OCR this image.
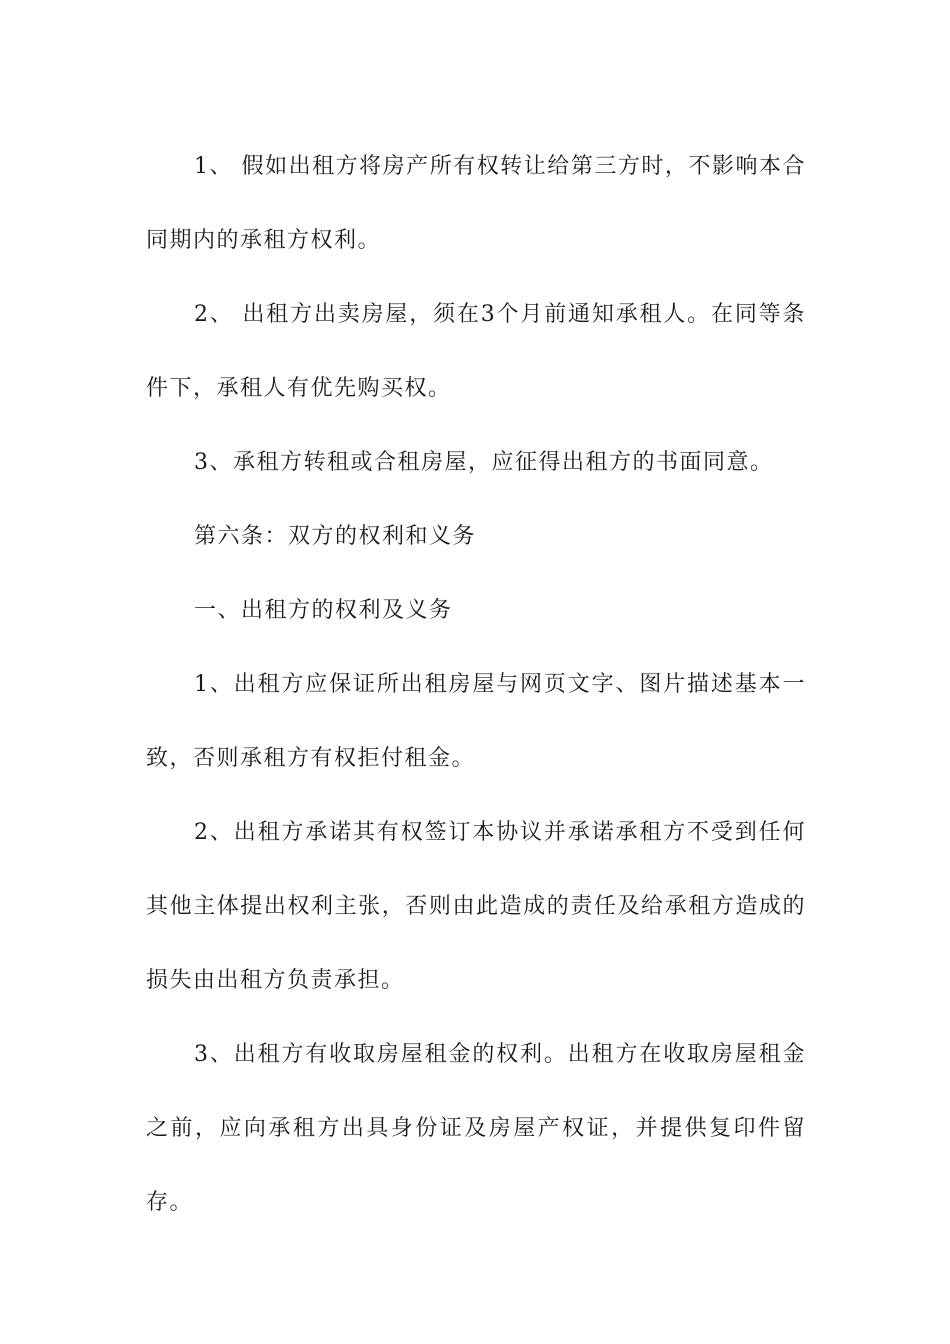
1、 假如出租方将房产所有权转让给第三方时，不影响本合同期内的承租方权利。

2、 出租方出卖房屋，须在3个月前通知承租人。在同等条件下，承租人有优先购买权。

3、承租方转租或合租房屋，应征得出租方的书面同意。

第六条：双方的权利和义务

一、出租方的权利及义务

1、出租方应保证所出租房屋与网页文字、图片描述基本一致，否则承租方有权拒付租金。

2、出租方承诺其有权签订本协议并承诺承租方不受到任何其他主体提出权利主张，否则由此造成的责任及给承租方造成的损失由出租方负责承担。

3、出租方有收取房屋租金的权利。出租方在收取房屋租金之前，应向承租方出具身份证及房屋产权证，并提供复印件留存。
